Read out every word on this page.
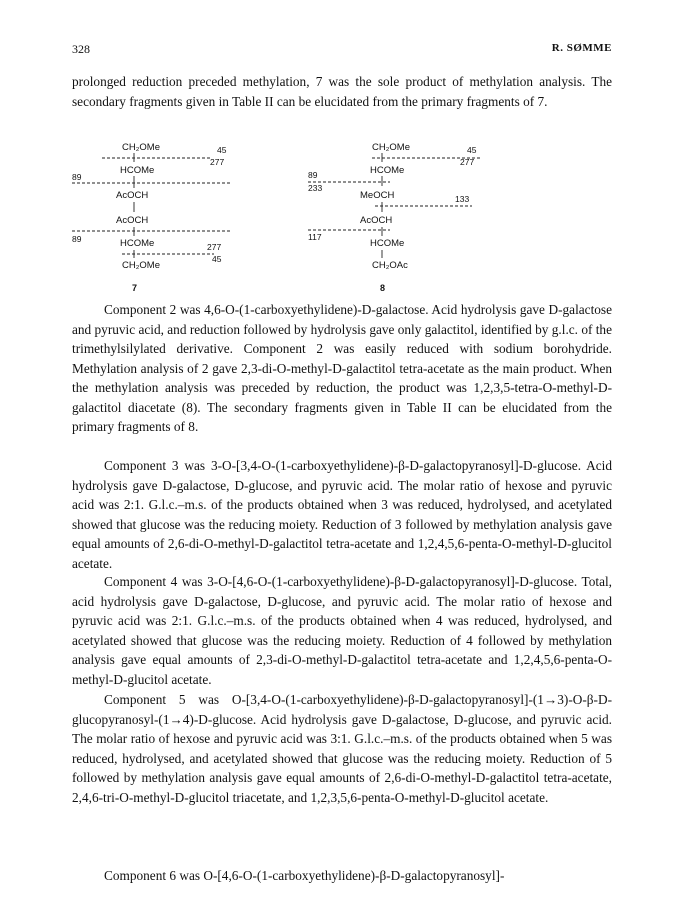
328	R. SØMME

prolonged reduction preceded methylation, 7 was the sole product of methylation analysis. The secondary fragments given in Table II can be elucidated from the primary fragments of 7.

CH₂OMe	45
277
HCOMe
89
AcOCH
AcOCH
89	HCOMe	277
45
CH₂OMe
7
CH₂OMe	45
277
HCOMe
89
233
MeOCH	133
AcOCH
117
HCOMe
CH₂OAc
8

Component 2 was 4,6-O-(1-carboxyethylidene)-D-galactose. Acid hydrolysis gave D-galactose and pyruvic acid, and reduction followed by hydrolysis gave only galactitol, identified by g.l.c. of the trimethylsilylated derivative. Component 2 was easily reduced with sodium borohydride. Methylation analysis of 2 gave 2,3-di-O-methyl-D-galactitol tetra-acetate as the main product. When the methylation analysis was preceded by reduction, the product was 1,2,3,5-tetra-O-methyl-D-galactitol diacetate (8). The secondary fragments given in Table II can be elucidated from the primary fragments of 8.

Component 3 was 3-O-[3,4-O-(1-carboxyethylidene)-β-D-galactopyranosyl]-D-glucose. Acid hydrolysis gave D-galactose, D-glucose, and pyruvic acid. The molar ratio of hexose and pyruvic acid was 2:1. G.l.c.–m.s. of the products obtained when 3 was reduced, hydrolysed, and acetylated showed that glucose was the reducing moiety. Reduction of 3 followed by methylation analysis gave equal amounts of 2,6-di-O-methyl-D-galactitol tetra-acetate and 1,2,4,5,6-penta-O-methyl-D-glucitol acetate.

Component 4 was 3-O-[4,6-O-(1-carboxyethylidene)-β-D-galactopyranosyl]-D-glucose. Total, acid hydrolysis gave D-galactose, D-glucose, and pyruvic acid. The molar ratio of hexose and pyruvic acid was 2:1. G.l.c.–m.s. of the products obtained when 4 was reduced, hydrolysed, and acetylated showed that glucose was the reducing moiety. Reduction of 4 followed by methylation analysis gave equal amounts of 2,3-di-O-methyl-D-galactitol tetra-acetate and 1,2,4,5,6-penta-O-methyl-D-glucitol acetate.

Component 5 was O-[3,4-O-(1-carboxyethylidene)-β-D-galactopyranosyl]-(1→3)-O-β-D-glucopyranosyl-(1→4)-D-glucose. Acid hydrolysis gave D-galactose, D-glucose, and pyruvic acid. The molar ratio of hexose and pyruvic acid was 3:1. G.l.c.–m.s. of the products obtained when 5 was reduced, hydrolysed, and acetylated showed that glucose was the reducing moiety. Reduction of 5 followed by methylation analysis gave equal amounts of 2,6-di-O-methyl-D-galactitol tetra-acetate, 2,4,6-tri-O-methyl-D-glucitol triacetate, and 1,2,3,5,6-penta-O-methyl-D-glucitol acetate.

Component 6 was O-[4,6-O-(1-carboxyethylidene)-β-D-galactopyranosyl]-
